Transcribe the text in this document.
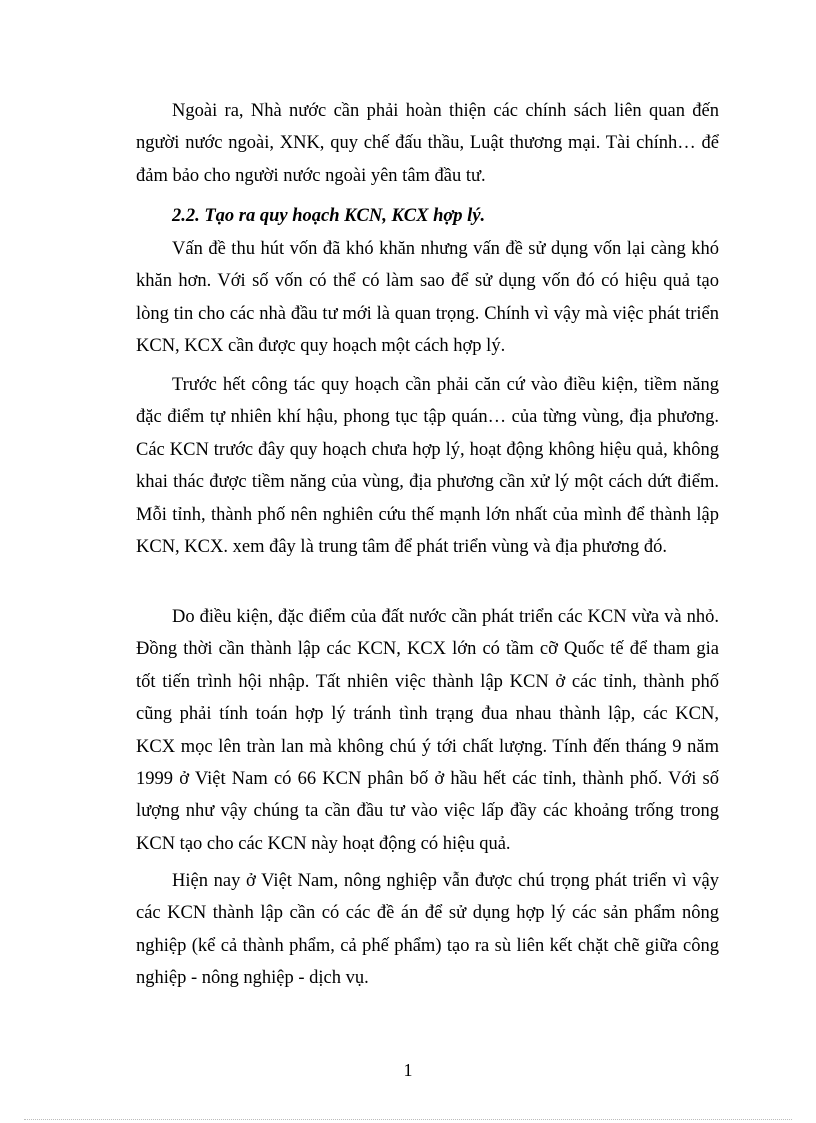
Ngoài ra, Nhà nước cần phải hoàn thiện các chính sách liên quan đến người nước ngoài, XNK, quy chế đấu thầu, Luật thương mại. Tài chính… để đảm bảo cho người nước ngoài yên tâm đầu tư.

2.2. Tạo ra quy hoạch KCN, KCX hợp lý.

Vấn đề thu hút vốn đã khó khăn nhưng vấn đề sử dụng vốn lại càng khó khăn hơn. Với số vốn có thể có làm sao để sử dụng vốn đó có hiệu quả tạo lòng tin cho các nhà đầu tư mới là quan trọng. Chính vì vậy mà việc phát triển KCN, KCX cần được quy hoạch một cách hợp lý.

Trước hết công tác quy hoạch cần phải căn cứ vào điều kiện, tiềm năng đặc điểm tự nhiên khí hậu, phong tục tập quán… của từng vùng, địa phương. Các KCN trước đây quy hoạch chưa hợp lý, hoạt động không hiệu quả, không khai thác được tiềm năng của vùng, địa phương cần xử lý một cách dứt điểm. Mỗi tỉnh, thành phố nên nghiên cứu thế mạnh lớn nhất của mình để thành lập KCN, KCX. xem đây là trung tâm để phát triển vùng và địa phương đó.

Do điều kiện, đặc điểm của đất nước cần phát triển các KCN vừa và nhỏ. Đồng thời cần thành lập các KCN, KCX lớn có tầm cỡ Quốc tế để tham gia tốt tiến trình hội nhập. Tất nhiên việc thành lập KCN ở các tỉnh, thành phố cũng phải tính toán hợp lý tránh tình trạng đua nhau thành lập, các KCN, KCX mọc lên tràn lan mà không chú ý tới chất lượng. Tính đến tháng 9 năm 1999 ở Việt Nam có 66 KCN phân bố ở hầu hết các tỉnh, thành phố. Với số lượng như vậy chúng ta cần đầu tư vào việc lấp đầy các khoảng trống trong KCN tạo cho các KCN này hoạt động có hiệu quả.

Hiện nay ở Việt Nam, nông nghiệp vẫn được chú trọng phát triển vì vậy các KCN thành lập cần có các đề án để sử dụng hợp lý các sản phẩm nông nghiệp (kể cả thành phẩm, cả phế phẩm) tạo ra sù liên kết chặt chẽ giữa công nghiệp - nông nghiệp - dịch vụ.

1
